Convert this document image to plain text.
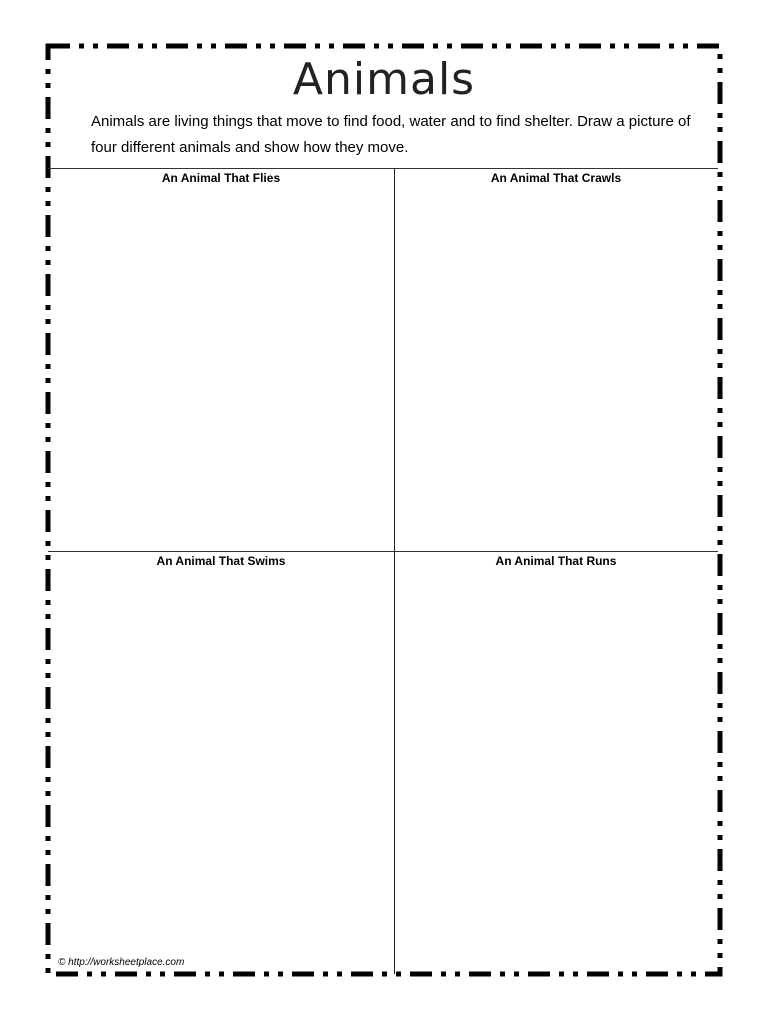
Animals
Animals are living things that move to find food, water and to find shelter. Draw a picture of four different animals and show how they move.
An Animal That Flies	An Animal That Crawls
An Animal That Swims	An Animal That Runs
© http://worksheetplace.com
